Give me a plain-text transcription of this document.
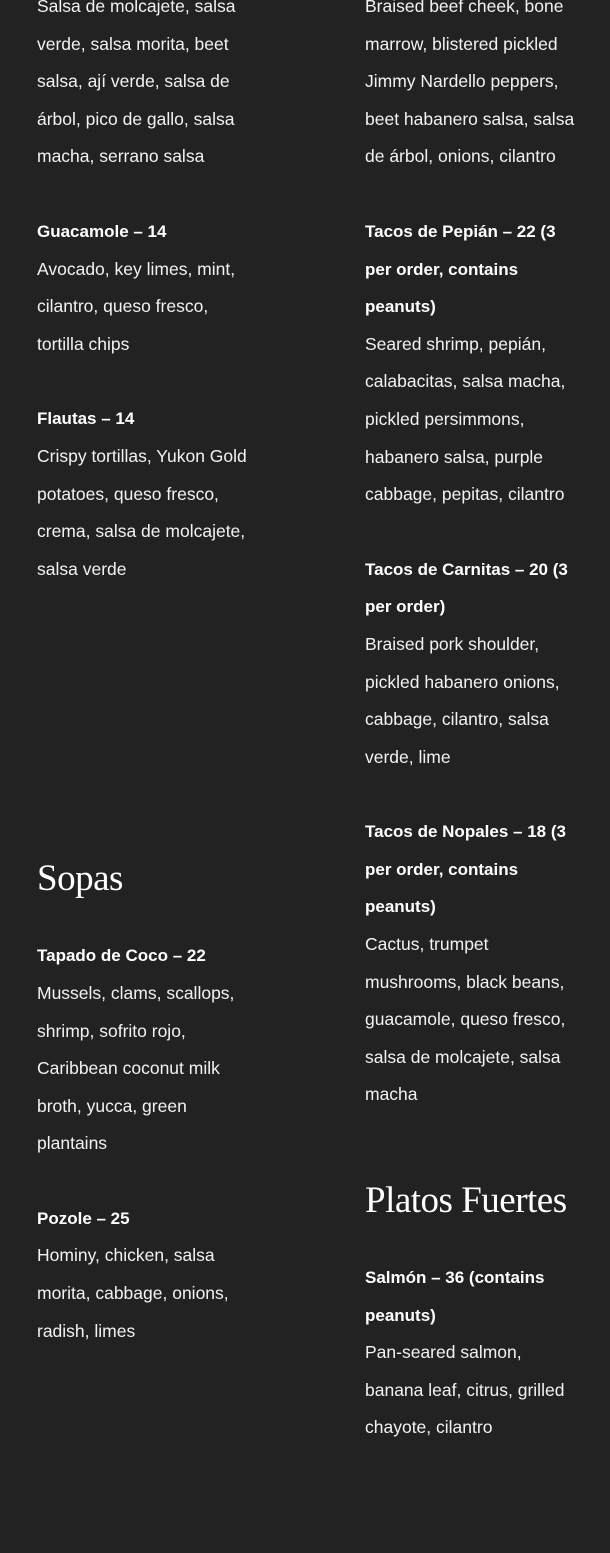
Salsa de molcajete, salsa verde, salsa morita, beet salsa, ají verde, salsa de árbol, pico de gallo, salsa macha, serrano salsa

Guacamole – 14

Avocado, key limes, mint, cilantro, queso fresco, tortilla chips

Flautas – 14

Crispy tortillas, Yukon Gold potatoes, queso fresco, crema, salsa de molcajete, salsa verde

Sopas

Tapado de Coco – 22

Mussels, clams, scallops, shrimp, sofrito rojo, Caribbean coconut milk broth, yucca, green plantains

Pozole – 25

Hominy, chicken, salsa morita, cabbage, onions, radish, limes

Braised beef cheek, bone marrow, blistered pickled Jimmy Nardello peppers, beet habanero salsa, salsa de árbol, onions, cilantro

Tacos de Pepián – 22 (3 per order, contains peanuts)

Seared shrimp, pepián, calabacitas, salsa macha, pickled persimmons, habanero salsa, purple cabbage, pepitas, cilantro

Tacos de Carnitas – 20 (3 per order)

Braised pork shoulder, pickled habanero onions, cabbage, cilantro, salsa verde, lime

Tacos de Nopales – 18 (3 per order, contains peanuts)

Cactus, trumpet mushrooms, black beans, guacamole, queso fresco, salsa de molcajete, salsa macha

Platos Fuertes

Salmón – 36 (contains peanuts)

Pan-seared salmon, banana leaf, citrus, grilled chayote, cilantro
